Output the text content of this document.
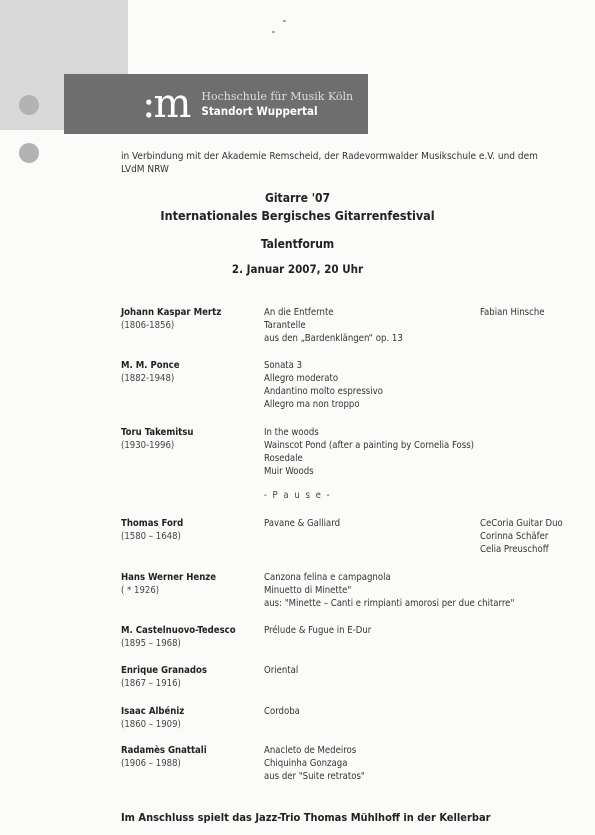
:m Hochschule für Musik Köln
Standort Wuppertal
in Verbindung mit der Akademie Remscheid, der Radevormwalder Musikschule e.V. und dem LVdM NRW
Gitarre '07
Internationales Bergisches Gitarrenfestival
Talentforum
2. Januar 2007, 20 Uhr
Johann Kaspar Mertz
(1806-1856)
An die Entfernte
Tarantelle
aus den „Bardenklängen“ op. 13
Fabian Hinsche
M. M. Ponce
(1882-1948)
Sonata 3
Allegro moderato
Andantino molto espressivo
Allegro ma non troppo
Toru Takemitsu
(1930-1996)
In the woods
Wainscot Pond (after a painting by Cornelia Foss)
Rosedale
Muir Woods
Thomas Ford
(1580 – 1648)
Pavane & Galliard	CeCoria Guitar Duo
Corinna Schäfer
Celia Preuschoff
Hans Werner Henze
( * 1926)
Canzona felina e campagnola
Minuetto di Minette"
aus: "Minette – Canti e rimpianti amorosi per due chitarre"
M. Castelnuovo-Tedesco
(1895 – 1968)
Prélude & Fugue in E-Dur
Enrique Granados
(1867 – 1916)
Oriental
Isaac Albéniz
(1860 – 1909)
Cordoba
Radamès Gnattali
(1906 – 1988)
Anacleto de Medeiros
Chiquinha Gonzaga
aus der "Suite retratos"
- P a u s e -
Im Anschluss spielt das Jazz-Trio Thomas Mühlhoff in der Kellerbar
